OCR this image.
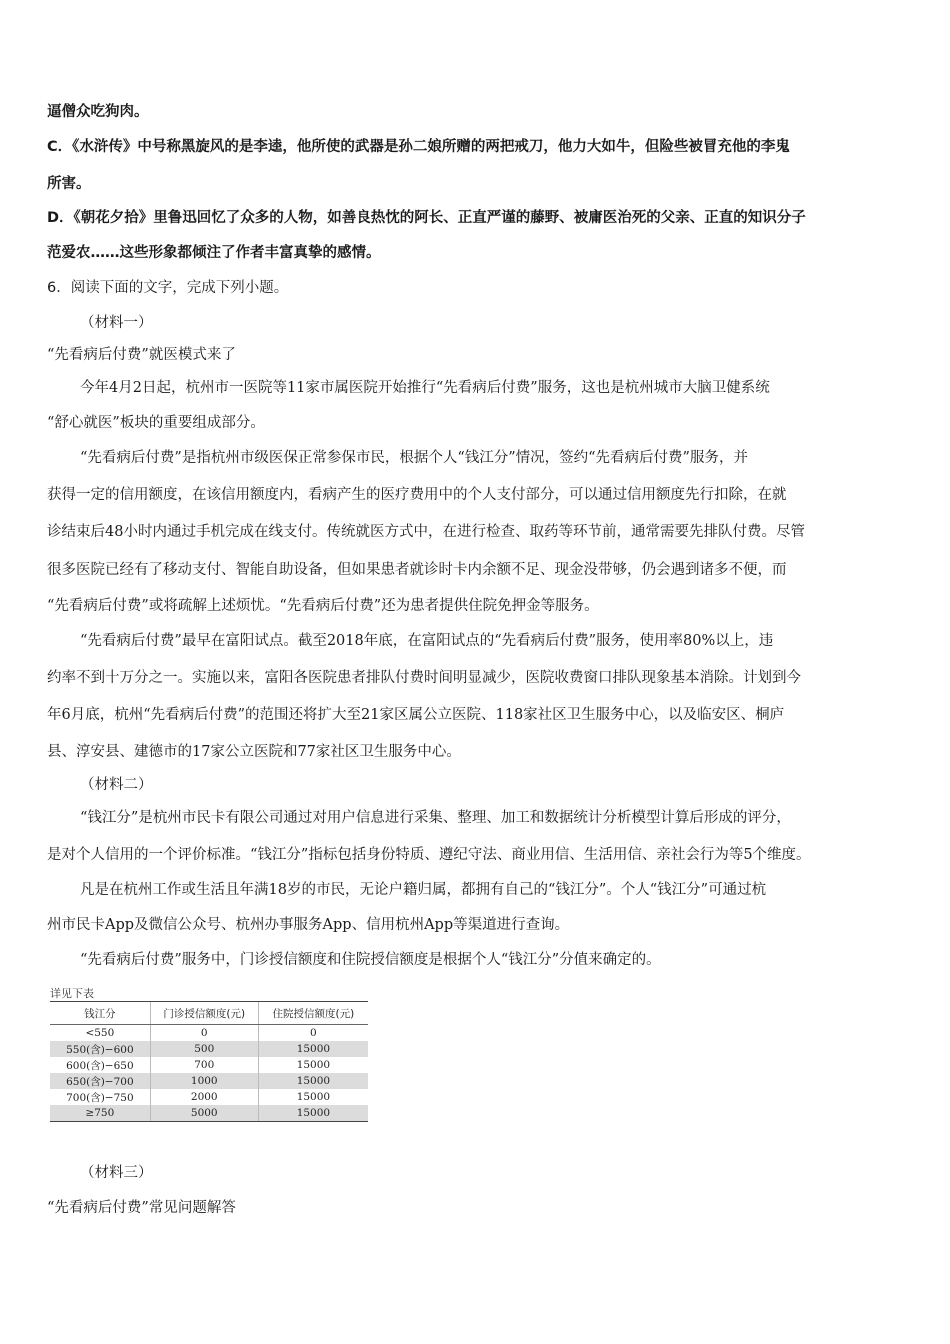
逼僧众吃狗肉。
C．《水浒传》中号称黑旋风的是李逵，他所使的武器是孙二娘所赠的两把戒刀，他力大如牛，但险些被冒充他的李鬼
所害。
D．《朝花夕拾》里鲁迅回忆了众多的人物，如善良热忱的阿长、正直严谨的藤野、被庸医治死的父亲、正直的知识分子
范爱农……这些形象都倾注了作者丰富真挚的感情。
6．阅读下面的文字，完成下列小题。
（材料一）
“先看病后付费”就医模式来了
今年4月2日起，杭州市一医院等11家市属医院开始推行“先看病后付费”服务，这也是杭州城市大脑卫健系统
“舒心就医”板块的重要组成部分。
“先看病后付费”是指杭州市级医保正常参保市民，根据个人“钱江分”情况，签约“先看病后付费”服务，并
获得一定的信用额度，在该信用额度内，看病产生的医疗费用中的个人支付部分，可以通过信用额度先行扣除，在就
诊结束后48小时内通过手机完成在线支付。传统就医方式中，在进行检查、取药等环节前，通常需要先排队付费。尽管
很多医院已经有了移动支付、智能自助设备，但如果患者就诊时卡内余额不足、现金没带够，仍会遇到诸多不便，而
“先看病后付费”或将疏解上述烦忧。“先看病后付费”还为患者提供住院免押金等服务。
“先看病后付费”最早在富阳试点。截至2018年底，在富阳试点的“先看病后付费”服务，使用率80%以上，违
约率不到十万分之一。实施以来，富阳各医院患者排队付费时间明显减少，医院收费窗口排队现象基本消除。计划到今
年6月底，杭州“先看病后付费”的范围还将扩大至21家区属公立医院、118家社区卫生服务中心，以及临安区、桐庐
县、淳安县、建德市的17家公立医院和77家社区卫生服务中心。
（材料二）
“钱江分”是杭州市民卡有限公司通过对用户信息进行采集、整理、加工和数据统计分析模型计算后形成的评分，
是对个人信用的一个评价标准。“钱江分”指标包括身份特质、遵纪守法、商业用信、生活用信、亲社会行为等5个维度。
凡是在杭州工作或生活且年满18岁的市民，无论户籍归属，都拥有自己的“钱江分”。个人“钱江分”可通过杭
州市民卡App及微信公众号、杭州办事服务App、信用杭州App等渠道进行查询。
“先看病后付费”服务中，门诊授信额度和住院授信额度是根据个人“钱江分”分值来确定的。
详见下表
钱江分	门诊授信额度(元)	住院授信额度(元)
<550	0	0
550(含)−600	500	15000
600(含)−650	700	15000
650(含)−700	1000	15000
700(含)−750	2000	15000
≥750	5000	15000
（材料三）
“先看病后付费”常见问题解答
